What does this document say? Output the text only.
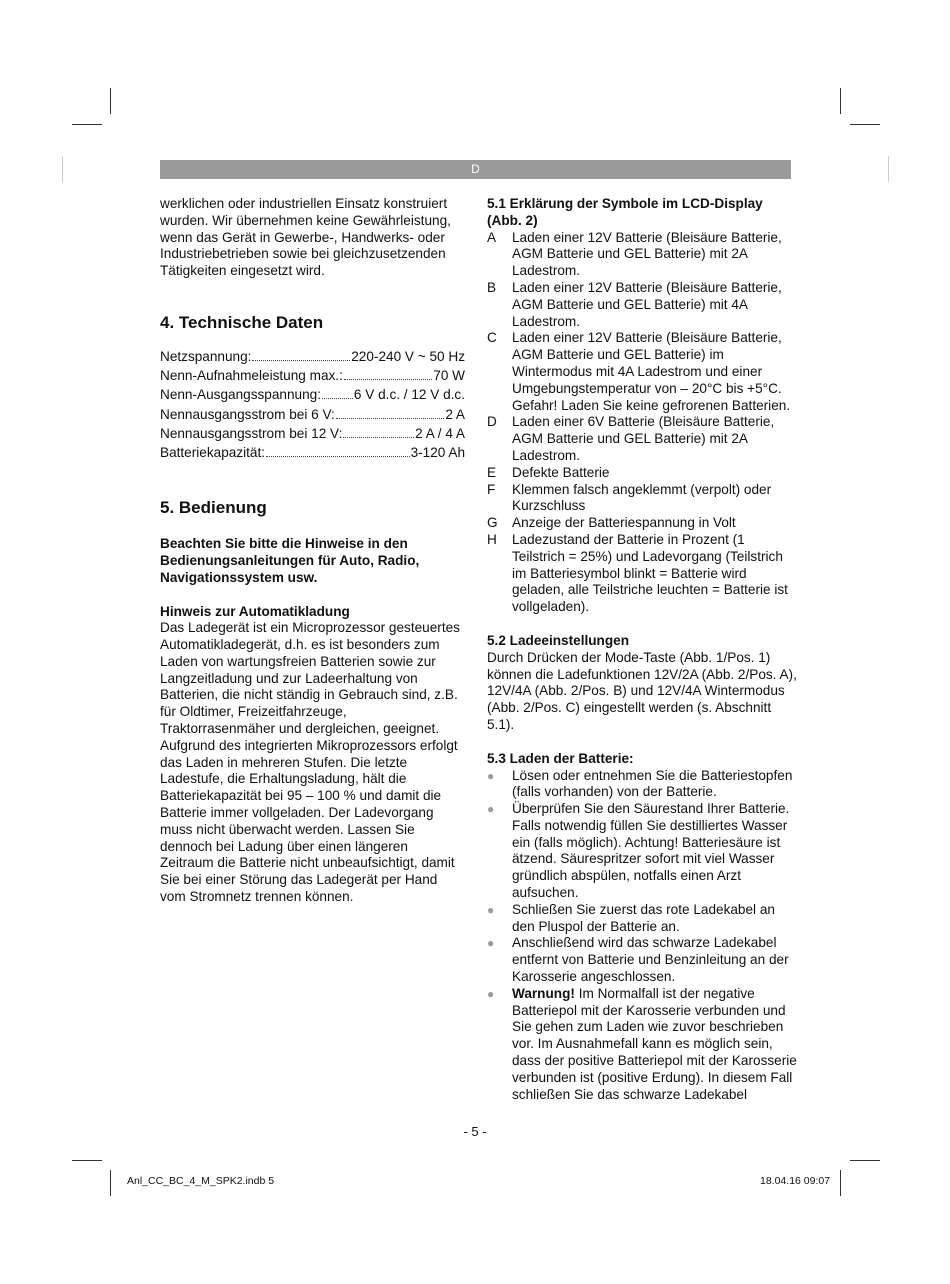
D

werklichen oder industriellen Einsatz konstruiert wurden. Wir übernehmen keine Gewährleistung, wenn das Gerät in Gewerbe-, Handwerks- oder Industriebetrieben sowie bei gleichzusetzenden Tätigkeiten eingesetzt wird.

4. Technische Daten
Netzspannung:	220-240 V ~ 50 Hz
Nenn-Aufnahmeleistung max.:	70 W
Nenn-Ausgangsspannung: 6 V d.c. / 12 V d.c.
Nennausgangsstrom bei 6 V:	2 A
Nennausgangsstrom bei 12 V:	2 A / 4 A
Batteriekapazität:	3-120 Ah
5. Bedienung

Beachten Sie bitte die Hinweise in den Bedienungsanleitungen für Auto, Radio, Navigationssystem usw.

Hinweis zur Automatikladung

Das Ladegerät ist ein Microprozessor gesteuertes Automatikladegerät, d.h. es ist besonders zum Laden von wartungsfreien Batterien sowie zur Langzeitladung und zur Ladeerhaltung von Batterien, die nicht ständig in Gebrauch sind, z.B. für Oldtimer, Freizeitfahrzeuge, Traktorrasenmäher und dergleichen, geeignet. Aufgrund des integrierten Mikroprozessors erfolgt das Laden in mehreren Stufen. Die letzte Ladestufe, die Erhaltungsladung, hält die Batteriekapazität bei 95 – 100 % und damit die Batterie immer vollgeladen. Der Ladevorgang muss nicht überwacht werden. Lassen Sie dennoch bei Ladung über einen längeren Zeitraum die Batterie nicht unbeaufsichtigt, damit Sie bei einer Störung das Ladegerät per Hand vom Stromnetz trennen können.

5.1 Erklärung der Symbole im LCD-Display (Abb. 2)

A	Laden einer 12V Batterie (Bleisäure Batterie, AGM Batterie und GEL Batterie) mit 2A Ladestrom.
B	Laden einer 12V Batterie (Bleisäure Batterie, AGM Batterie und GEL Batterie) mit 4A Ladestrom.
C	Laden einer 12V Batterie (Bleisäure Batterie, AGM Batterie und GEL Batterie) im Wintermodus mit 4A Ladestrom und einer Umgebungstemperatur von – 20°C bis +5°C. Gefahr! Laden Sie keine gefrorenen Batterien.
D	Laden einer 6V Batterie (Bleisäure Batterie, AGM Batterie und GEL Batterie) mit 2A Ladestrom.
E	Defekte Batterie
F	Klemmen falsch angeklemmt (verpolt) oder Kurzschluss
G	Anzeige der Batteriespannung in Volt
H	Ladezustand der Batterie in Prozent (1 Teilstrich = 25%) und Ladevorgang (Teilstrich im Batteriesymbol blinkt = Batterie wird geladen, alle Teilstriche leuchten = Batterie ist vollgeladen).

5.2 Ladeeinstellungen

Durch Drücken der Mode-Taste (Abb. 1/Pos. 1) können die Ladefunktionen 12V/2A (Abb. 2/Pos. A), 12V/4A (Abb. 2/Pos. B) und 12V/4A Wintermodus (Abb. 2/Pos. C) eingestellt werden (s. Abschnitt 5.1).

5.3 Laden der Batterie:

●	Lösen oder entnehmen Sie die Batteriestopfen (falls vorhanden) von der Batterie.
●	Überprüfen Sie den Säurestand Ihrer Batterie. Falls notwendig füllen Sie destilliertes Wasser ein (falls möglich). Achtung! Batteriesäure ist ätzend. Säurespritzer sofort mit viel Wasser gründlich abspülen, notfalls einen Arzt aufsuchen.
●	Schließen Sie zuerst das rote Ladekabel an den Pluspol der Batterie an.
●	Anschließend wird das schwarze Ladekabel entfernt von Batterie und Benzinleitung an der Karosserie angeschlossen.
●	Warnung! Im Normalfall ist der negative Batteriepol mit der Karosserie verbunden und Sie gehen zum Laden wie zuvor beschrieben vor. Im Ausnahmefall kann es möglich sein, dass der positive Batteriepol mit der Karosserie verbunden ist (positive Erdung). In diesem Fall schließen Sie das schwarze Ladekabel
- 5 -
Anl_CC_BC_4_M_SPK2.indb 5	18.04.16 09:07
